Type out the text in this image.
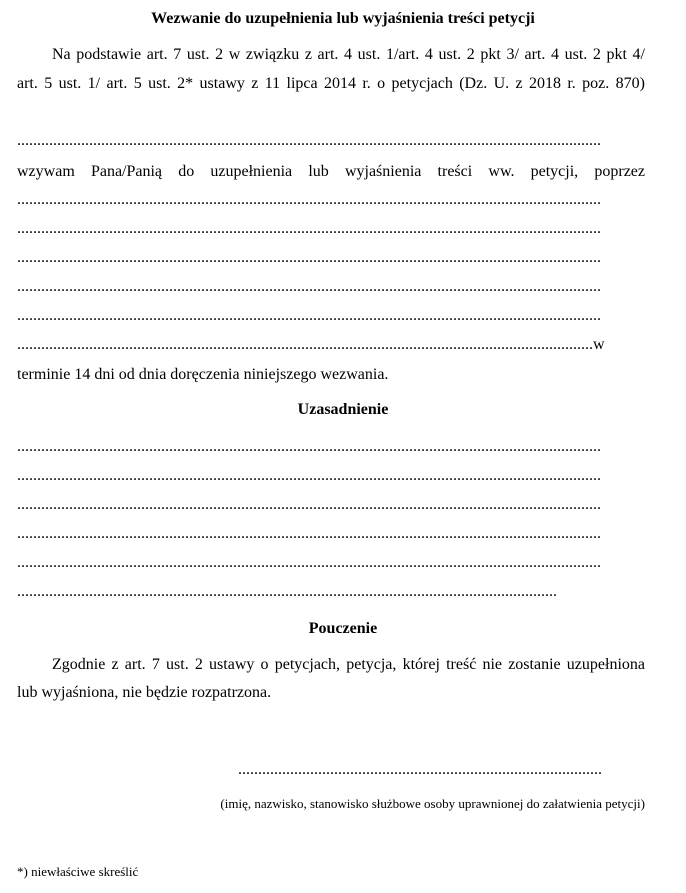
Wezwanie do uzupełnienia lub wyjaśnienia treści petycji
Na podstawie art. 7 ust. 2 w związku z art. 4 ust. 1/art. 4 ust. 2 pkt 3/ art. 4 ust. 2 pkt 4/
art. 5 ust. 1/ art. 5 ust. 2* ustawy z 11 lipca 2014 r. o petycjach (Dz. U. z 2018 r. poz. 870)
..................................................................................................................................................
wzywam Pana/Panią do uzupełnienia lub wyjaśnienia treści ww. petycji, poprzez
..................................................................................................................................................
..................................................................................................................................................
..................................................................................................................................................
..................................................................................................................................................
..................................................................................................................................................
................................................................................................................................................w
terminie 14 dni od dnia doręczenia niniejszego wezwania.
Uzasadnienie
..................................................................................................................................................
..................................................................................................................................................
..................................................................................................................................................
..................................................................................................................................................
..................................................................................................................................................
.......................................................................................................................................
Pouczenie
Zgodnie z art. 7 ust. 2 ustawy o petycjach, petycja, której treść nie zostanie uzupełniona
lub wyjaśniona, nie będzie rozpatrzona.
...........................................................................................
(imię, nazwisko, stanowisko służbowe osoby uprawnionej do załatwienia petycji)
*) niewłaściwe skreślić
